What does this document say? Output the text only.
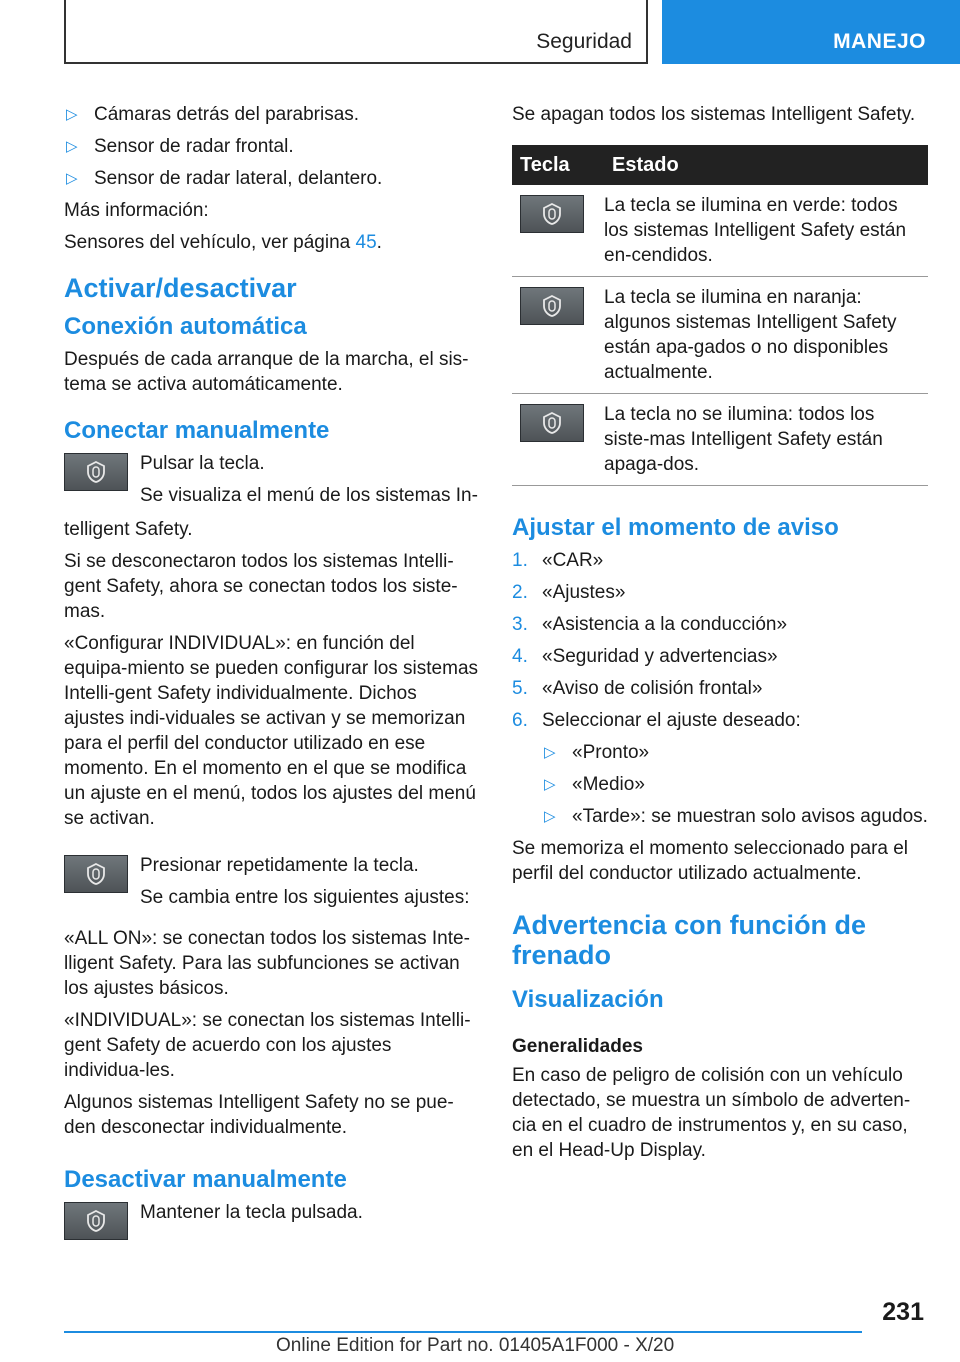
Seguridad	MANEJO
▷ Cámaras detrás del parabrisas.
▷ Sensor de radar frontal.
▷ Sensor de radar lateral, delantero.

Más información:

Sensores del vehículo, ver página 45.

Activar/desactivar
Conexión automática

Después de cada arranque de la marcha, el sis-tema se activa automáticamente.

Conectar manualmente

Pulsar la tecla.

Se visualiza el menú de los sistemas In-

telligent Safety.

Si se desconectaron todos los sistemas Intelli-gent Safety, ahora se conectan todos los siste-mas.

«Configurar INDIVIDUAL»: en función del equipa-miento se pueden configurar los sistemas Intelli-gent Safety individualmente. Dichos ajustes indi-viduales se activan y se memorizan para el perfil del conductor utilizado en ese momento. En el momento en el que se modifica un ajuste en el menú, todos los ajustes del menú se activan.

Presionar repetidamente la tecla.

Se cambia entre los siguientes ajustes:

«ALL ON»: se conectan todos los sistemas Inte-lligent Safety. Para las subfunciones se activan los ajustes básicos.

«INDIVIDUAL»: se conectan los sistemas Intelli-gent Safety de acuerdo con los ajustes individua-les.

Algunos sistemas Intelligent Safety no se pue-den desconectar individualmente.

Desactivar manualmente

Mantener la tecla pulsada.

Se apagan todos los sistemas Intelligent Safety.

Tecla	Estado

	La tecla se ilumina en verde: todos los sistemas Intelligent Safety están en-cendidos.

	La tecla se ilumina en naranja: algunos sistemas Intelligent Safety están apa-gados o no disponibles actualmente.

	La tecla no se ilumina: todos los siste-mas Intelligent Safety están apaga-dos.
Ajustar el momento de aviso
1. «CAR»
2. «Ajustes»
3. «Asistencia a la conducción»
4. «Seguridad y advertencias»
5. «Aviso de colisión frontal»
6. Seleccionar el ajuste deseado:
▷ «Pronto»
▷ «Medio»
▷ «Tarde»: se muestran solo avisos agudos.

Se memoriza el momento seleccionado para el perfil del conductor utilizado actualmente.

Advertencia con función de frenado
Visualización
Generalidades

En caso de peligro de colisión con un vehículo detectado, se muestra un símbolo de adverten-cia en el cuadro de instrumentos y, en su caso, en el Head-Up Display.

231
Online Edition for Part no. 01405A1F000 - X/20
